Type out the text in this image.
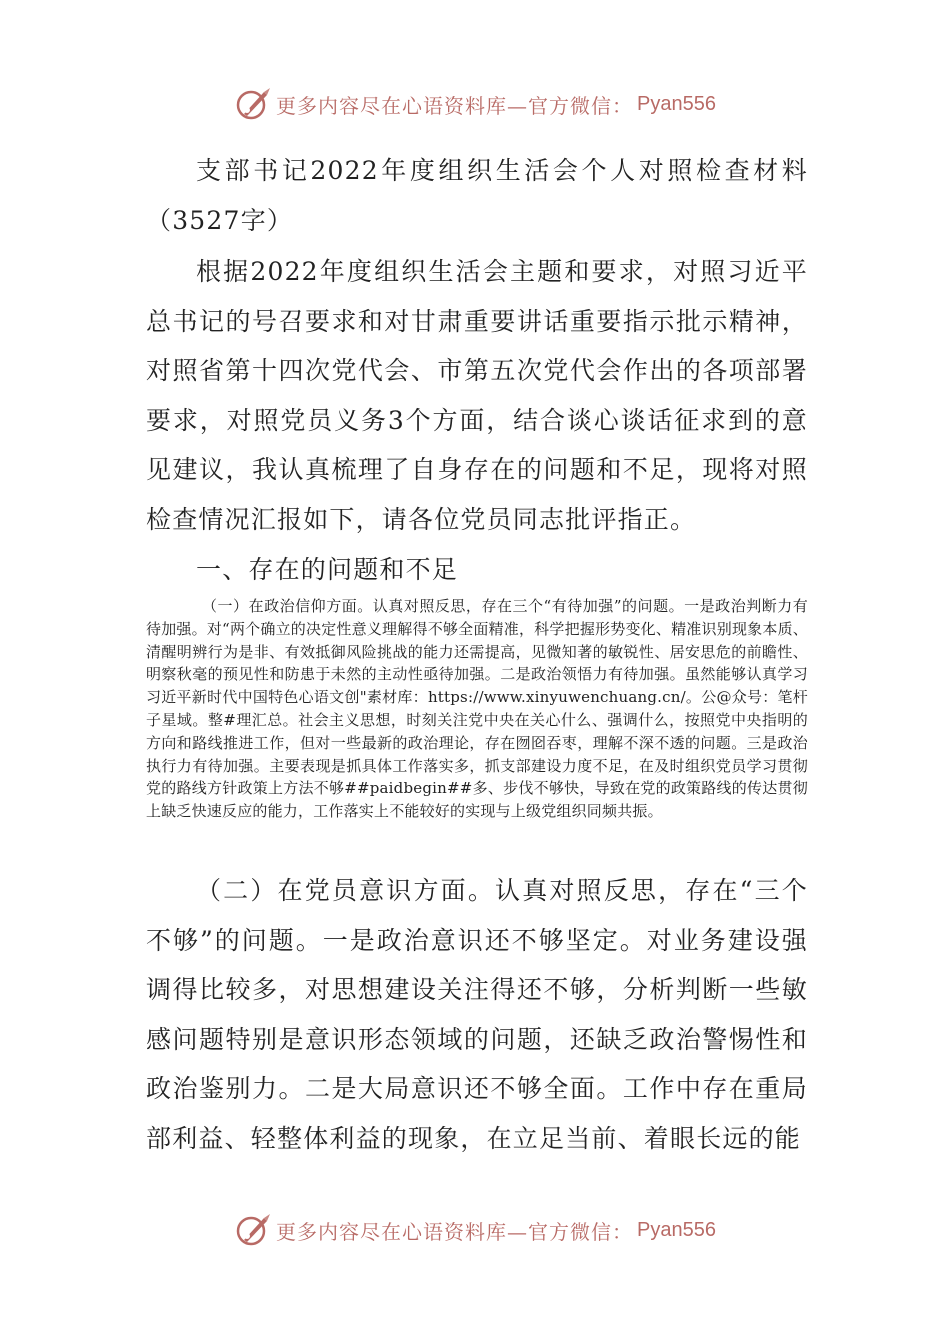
更多内容尽在心语资料库—官方微信： Pyan556

支部书记2022年度组织生活会个人对照检查材料（3527字）

根据2022年度组织生活会主题和要求，对照习近平总书记的号召要求和对甘肃重要讲话重要指示批示精神，对照省第十四次党代会、市第五次党代会作出的各项部署要求，对照党员义务3个方面，结合谈心谈话征求到的意见建议，我认真梳理了自身存在的问题和不足，现将对照检查情况汇报如下，请各位党员同志批评指正。

一、存在的问题和不足

（一）在政治信仰方面。认真对照反思，存在三个“有待加强”的问题。一是政治判断力有待加强。对“两个确立的决定性意义理解得不够全面精准，科学把握形势变化、精准识别现象本质、清醒明辨行为是非、有效抵御风险挑战的能力还需提高，见微知著的敏锐性、居安思危的前瞻性、明察秋毫的预见性和防患于未然的主动性亟待加强。二是政治领悟力有待加强。虽然能够认真学习习近平新时代中国特色心语文创"素材库：https://www.xinyuwenchuang.cn/。公@众号：笔杆子星域。整#理汇总。社会主义思想，时刻关注党中央在关心什么、强调什么，按照党中央指明的方向和路线推进工作，但对一些最新的政治理论，存在囫囵吞枣，理解不深不透的问题。三是政治执行力有待加强。主要表现是抓具体工作落实多，抓支部建设力度不足，在及时组织党员学习贯彻党的路线方针政策上方法不够##paidbegin##多、步伐不够快，导致在党的政策路线的传达贯彻上缺乏快速反应的能力，工作落实上不能较好的实现与上级党组织同频共振。

（二）在党员意识方面。认真对照反思，存在“三个不够”的问题。一是政治意识还不够坚定。对业务建设强调得比较多，对思想建设关注得还不够，分析判断一些敏感问题特别是意识形态领域的问题，还缺乏政治警惕性和政治鉴别力。二是大局意识还不够全面。工作中存在重局部利益、轻整体利益的现象，在立足当前、着眼长远的能

更多内容尽在心语资料库—官方微信： Pyan556
